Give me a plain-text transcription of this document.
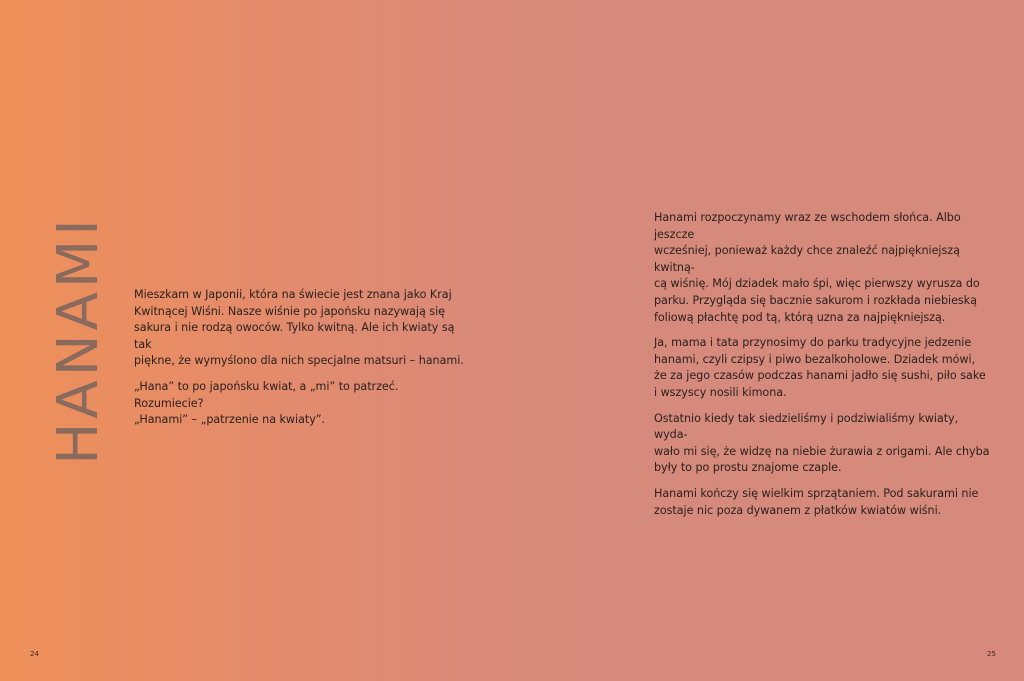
HANAMI Mieszkam w Japonii, która na świecie jest znana jako Kraj
Kwitnącej Wiśni. Nasze wiśnie po japońsku nazywają się
sakura i nie rodzą owoców. Tylko kwitną. Ale ich kwiaty są tak
piękne, że wymyślono dla nich specjalne matsuri – hanami.

„Hana” to po japońsku kwiat, a „mi” to patrzeć. Rozumiecie?
„Hanami” – „patrzenie na kwiaty”.

24

Hanami rozpoczynamy wraz ze wschodem słońca. Albo jeszcze
wcześniej, ponieważ każdy chce znaleźć najpiękniejszą kwitną-
cą wiśnię. Mój dziadek mało śpi, więc pierwszy wyrusza do
parku. Przygląda się bacznie sakurom i rozkłada niebieską
foliową płachtę pod tą, którą uzna za najpiękniejszą.

Ja, mama i tata przynosimy do parku tradycyjne jedzenie
hanami, czyli czipsy i piwo bezalkoholowe. Dziadek mówi,
że za jego czasów podczas hanami jadło się sushi, piło sake
i wszyscy nosili kimona.

Ostatnio kiedy tak siedzieliśmy i podziwialiśmy kwiaty, wyda-
wało mi się, że widzę na niebie żurawia z origami. Ale chyba
były to po prostu znajome czaple.

Hanami kończy się wielkim sprzątaniem. Pod sakurami nie
zostaje nic poza dywanem z płatków kwiatów wiśni.

25
